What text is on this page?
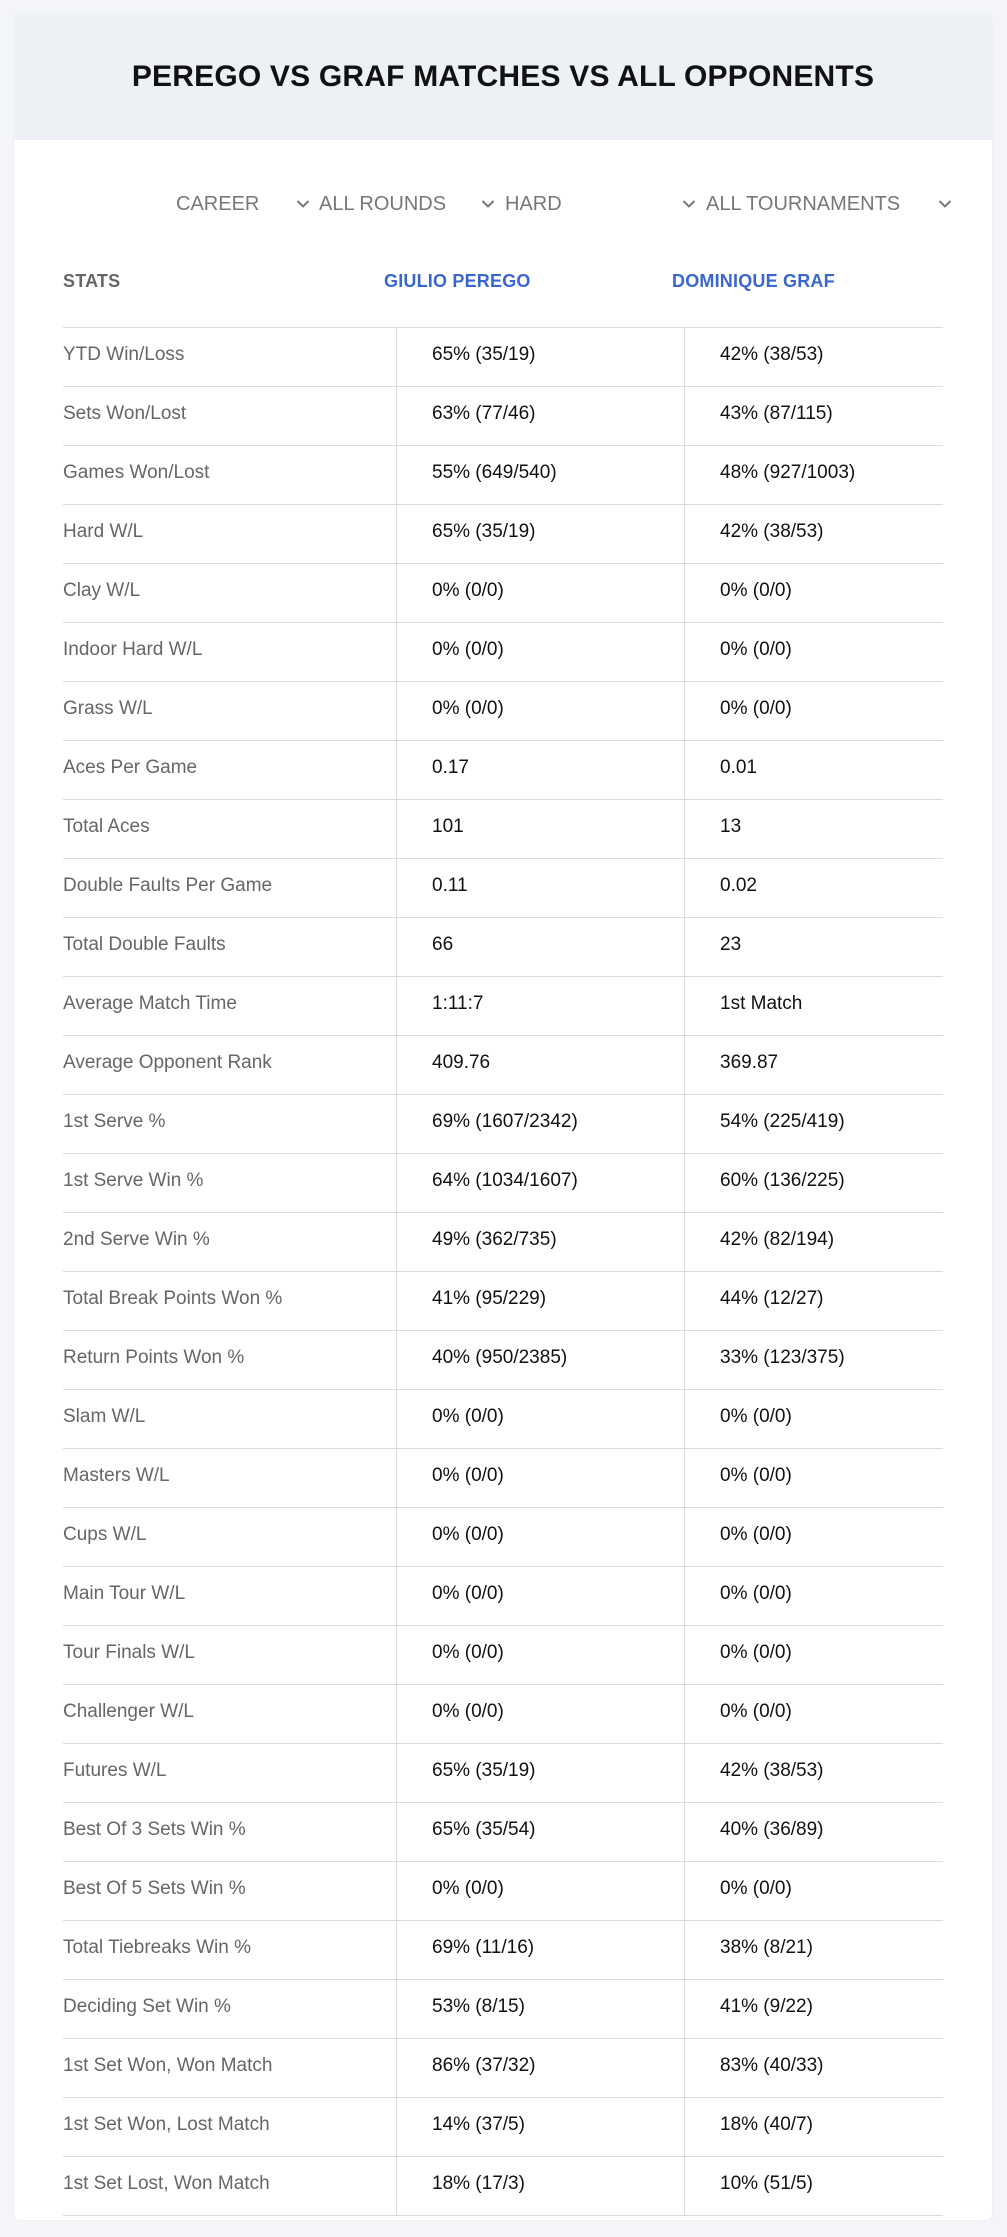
PEREGO VS GRAF MATCHES VS ALL OPPONENTS
CAREER	ALL ROUNDS	HARD	ALL TOURNAMENTS
STATS	GIULIO PEREGO	DOMINIQUE GRAF
YTD Win/Loss	65% (35/19)	42% (38/53)
Sets Won/Lost	63% (77/46)	43% (87/115)
Games Won/Lost	55% (649/540)	48% (927/1003)
Hard W/L	65% (35/19)	42% (38/53)
Clay W/L	0% (0/0)	0% (0/0)
Indoor Hard W/L	0% (0/0)	0% (0/0)
Grass W/L	0% (0/0)	0% (0/0)
Aces Per Game	0.17	0.01
Total Aces	101	13
Double Faults Per Game	0.11	0.02
Total Double Faults	66	23
Average Match Time	1:11:7	1st Match
Average Opponent Rank	409.76	369.87
1st Serve %	69% (1607/2342)	54% (225/419)
1st Serve Win %	64% (1034/1607)	60% (136/225)
2nd Serve Win %	49% (362/735)	42% (82/194)
Total Break Points Won %	41% (95/229)	44% (12/27)
Return Points Won %	40% (950/2385)	33% (123/375)
Slam W/L	0% (0/0)	0% (0/0)
Masters W/L	0% (0/0)	0% (0/0)
Cups W/L	0% (0/0)	0% (0/0)
Main Tour W/L	0% (0/0)	0% (0/0)
Tour Finals W/L	0% (0/0)	0% (0/0)
Challenger W/L	0% (0/0)	0% (0/0)
Futures W/L	65% (35/19)	42% (38/53)
Best Of 3 Sets Win %	65% (35/54)	40% (36/89)
Best Of 5 Sets Win %	0% (0/0)	0% (0/0)
Total Tiebreaks Win %	69% (11/16)	38% (8/21)
Deciding Set Win %	53% (8/15)	41% (9/22)
1st Set Won, Won Match	86% (37/32)	83% (40/33)
1st Set Won, Lost Match	14% (37/5)	18% (40/7)
1st Set Lost, Won Match	18% (17/3)	10% (51/5)
